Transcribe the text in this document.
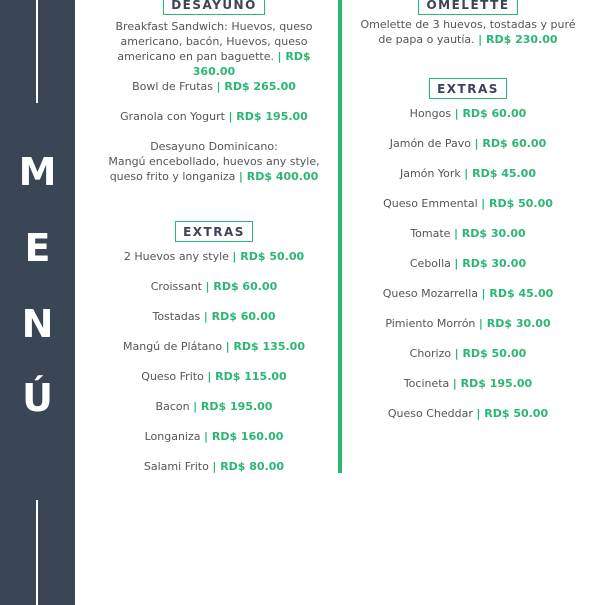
M
E
N
Ú
DESAYUNO
Breakfast Sandwich: Huevos, queso
americano, bacón, Huevos, queso
americano en pan baguette. | RD$ 360.00
Bowl de Frutas | RD$ 265.00
Granola con Yogurt | RD$ 195.00
Desayuno Dominicano:
Mangú encebollado, huevos any style,
queso frito y longaniza | RD$ 400.00
EXTRAS
2 Huevos any style | RD$ 50.00
Croissant | RD$ 60.00
Tostadas | RD$ 60.00
Mangú de Plátano | RD$ 135.00
Queso Frito | RD$ 115.00
Bacon | RD$ 195.00
Longaniza | RD$ 160.00
Salami Frito | RD$ 80.00
OMELETTE
Omelette de 3 huevos, tostadas y puré
de papa o yautía. | RD$ 230.00
EXTRAS
Hongos | RD$ 60.00
Jamón de Pavo | RD$ 60.00
Jamón York | RD$ 45.00
Queso Emmental | RD$ 50.00
Tomate | RD$ 30.00
Cebolla | RD$ 30.00
Queso Mozarrella | RD$ 45.00
Pimiento Morrón | RD$ 30.00
Chorizo | RD$ 50.00
Tocineta | RD$ 195.00
Queso Cheddar | RD$ 50.00
